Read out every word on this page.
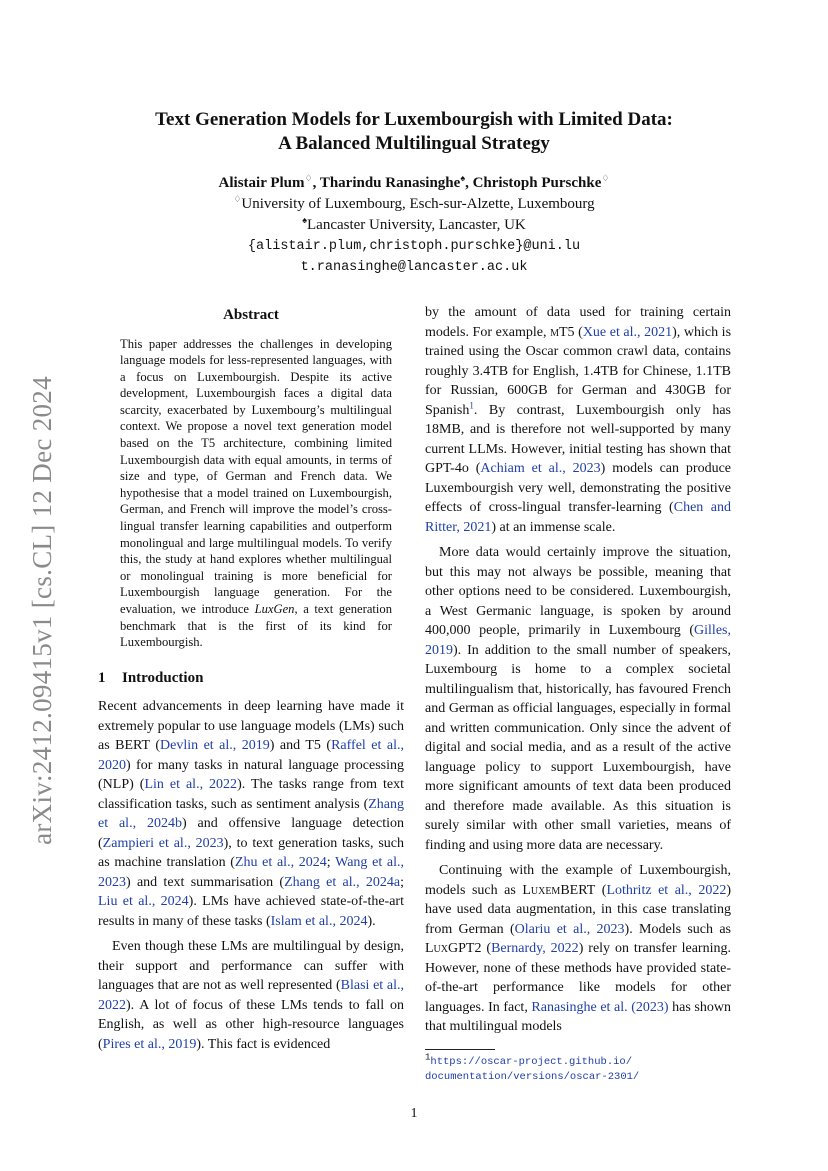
arXiv:2412.09415v1 [cs.CL] 12 Dec 2024
Text Generation Models for Luxembourgish with Limited Data:
A Balanced Multilingual Strategy
Alistair Plum♢, Tharindu Ranasinghe♠, Christoph Purschke♢
♢University of Luxembourg, Esch-sur-Alzette, Luxembourg
♠Lancaster University, Lancaster, UK
{alistair.plum,christoph.purschke}@uni.lu
t.ranasinghe@lancaster.ac.uk
Abstract

This paper addresses the challenges in developing language models for less-represented languages, with a focus on Luxembourgish. Despite its active development, Luxembourgish faces a digital data scarcity, exacerbated by Luxembourg’s multilingual context. We propose a novel text generation model based on the T5 architecture, combining limited Luxembourgish data with equal amounts, in terms of size and type, of German and French data. We hypothesise that a model trained on Luxembourgish, German, and French will improve the model’s cross-lingual transfer learning capabilities and outperform monolingual and large multilingual models. To verify this, the study at hand explores whether multilingual or monolingual training is more beneficial for Luxembourgish language generation. For the evaluation, we introduce LuxGen, a text generation benchmark that is the first of its kind for Luxembourgish.

1 Introduction

Recent advancements in deep learning have made it extremely popular to use language models (LMs) such as BERT (Devlin et al., 2019) and T5 (Raffel et al., 2020) for many tasks in natural language processing (NLP) (Lin et al., 2022). The tasks range from text classification tasks, such as sentiment analysis (Zhang et al., 2024b) and offensive language detection (Zampieri et al., 2023), to text generation tasks, such as machine translation (Zhu et al., 2024; Wang et al., 2023) and text summarisation (Zhang et al., 2024a; Liu et al., 2024). LMs have achieved state-of-the-art results in many of these tasks (Islam et al., 2024).

Even though these LMs are multilingual by design, their support and performance can suffer with languages that are not as well represented (Blasi et al., 2022). A lot of focus of these LMs tends to fall on English, as well as other high-resource languages (Pires et al., 2019). This fact is evidenced

by the amount of data used for training certain models. For example, mT5 (Xue et al., 2021), which is trained using the Oscar common crawl data, contains roughly 3.4TB for English, 1.4TB for Chinese, 1.1TB for Russian, 600GB for German and 430GB for Spanish$^1$. By contrast, Luxembourgish only has 18MB, and is therefore not well-supported by many current LLMs. However, initial testing has shown that GPT-4o (Achiam et al., 2023) models can produce Luxembourgish very well, demonstrating the positive effects of cross-lingual transfer-learning (Chen and Ritter, 2021) at an immense scale.

More data would certainly improve the situation, but this may not always be possible, meaning that other options need to be considered. Luxembourgish, a West Germanic language, is spoken by around 400,000 people, primarily in Luxembourg (Gilles, 2019). In addition to the small number of speakers, Luxembourg is home to a complex societal multilingualism that, historically, has favoured French and German as official languages, especially in formal and written communication. Only since the advent of digital and social media, and as a result of the active language policy to support Luxembourgish, have more significant amounts of text data been produced and therefore made available. As this situation is surely similar with other small varieties, means of finding and using more data are necessary.

Continuing with the example of Luxembourgish, models such as LuxemBERT (Lothritz et al., 2022) have used data augmentation, in this case translating from German (Olariu et al., 2023). Models such as LuxGPT2 (Bernardy, 2022) rely on transfer learning. However, none of these methods have provided state-of-the-art performance like models for other languages. In fact, Ranasinghe et al. (2023) has shown that multilingual models

$^1$https://oscar-project.github.io/
documentation/versions/oscar-2301/
1
